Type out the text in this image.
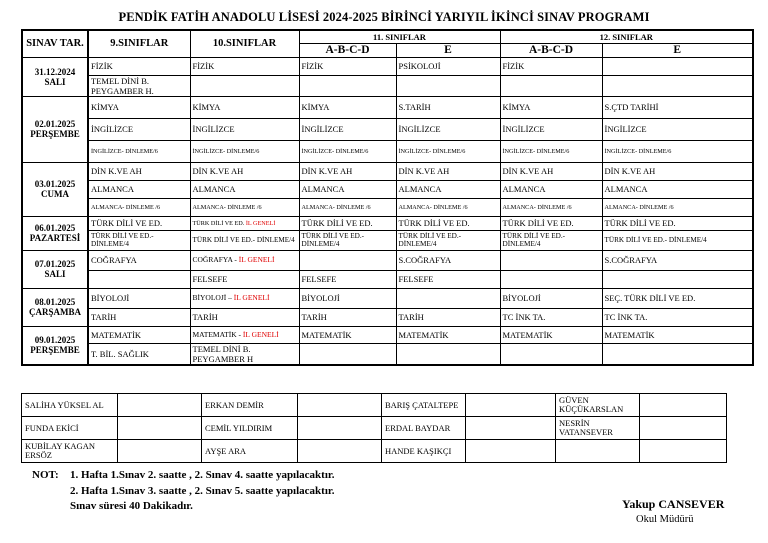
PENDİK FATİH ANADOLU LİSESİ 2024-2025 BİRİNCİ YARIYIL İKİNCİ SINAV PROGRAMI
SINAV TAR.	9.SINIFLAR	10.SINIFLAR	11. SINIFLAR		12. SINIFLAR	
			A-B-C-D	E	A-B-C-D	E

31.12.2024
SALI	FİZİK	FİZİK	FİZİK	PSİKOLOJİ	FİZİK	
	TEMEL DİNİ B. PEYGAMBER H.					

02.01.2025
PERŞEMBE	KİMYA	KİMYA	KİMYA	S.TARİH	KİMYA	S.ÇTD TARİHİ
	İNGİLİZCE	İNGİLİZCE	İNGİLİZCE	İNGİLİZCE	İNGİLİZCE	İNGİLİZCE
	İNGİLİZCE- DİNLEME/6	İNGİLİZCE- DİNLEME/6	İNGİLİZCE- DİNLEME/6	İNGİLİZCE- DİNLEME/6	İNGİLİZCE- DİNLEME/6	İNGİLİZCE- DİNLEME/6

03.01.2025
CUMA	DİN K.VE AH	DİN K.VE AH	DİN K.VE AH	DİN K.VE AH	DİN K.VE AH	DİN K.VE AH
	ALMANCA	ALMANCA	ALMANCA	ALMANCA	ALMANCA	ALMANCA
	ALMANCA- DİNLEME /6	ALMANCA- DİNLEME /6	ALMANCA- DİNLEME /6	ALMANCA- DİNLEME /6	ALMANCA- DİNLEME /6	ALMANCA- DİNLEME /6

06.01.2025
PAZARTESİ	TÜRK DİLİ VE ED.	TÜRK DİLİ VE ED. İL GENELİ	TÜRK DİLİ VE ED.	TÜRK DİLİ VE ED.	TÜRK DİLİ VE ED.	TÜRK DİLİ VE ED.
	TÜRK DİLİ VE ED.- DİNLEME/4	TÜRK DİLİ VE ED.- DİNLEME/4	TÜRK DİLİ VE ED.- DİNLEME/4	TÜRK DİLİ VE ED.- DİNLEME/4	TÜRK DİLİ VE ED.- DİNLEME/4	TÜRK DİLİ VE ED.- DİNLEME/4

07.01.2025
SALI	COĞRAFYA	COĞRAFYA - İL GENELİ		S.COĞRAFYA		S.COĞRAFYA
		FELSEFE	FELSEFE	FELSEFE		

08.01.2025
ÇARŞAMBA	BİYOLOJİ	BİYOLOJİ – İL GENELİ	BİYOLOJİ		BİYOLOJİ	SEÇ. TÜRK DİLİ VE ED.
	TARİH	TARİH	TARİH	TARİH	TC İNK TA.	TC İNK TA.

09.01.2025
PERŞEMBE	MATEMATİK	MATEMATİK - İL GENELİ	MATEMATİK	MATEMATİK	MATEMATİK	MATEMATİK
	T. BİL. SAĞLIK	TEMEL DİNİ B. PEYGAMBER H				
SALİHA YÜKSEL AL		ERKAN DEMİR		BARIŞ ÇATALTEPE		GÜVEN KÜÇÜKARSLAN	
FUNDA EKİCİ		CEMİL YILDIRIM		ERDAL BAYDAR		NESRİN VATANSEVER	
KUBİLAY KAGAN ERSÖZ		AYŞE ARA		HANDE KAŞIKÇI			
NOT: 1. Hafta 1.Sınav 2. saatte , 2. Sınav 4. saatte yapılacaktır.
2. Hafta 1.Sınav 3. saatte , 2. Sınav 5. saatte yapılacaktır.
Sınav süresi 40 Dakikadır.	Yakup CANSEVER
Okul Müdürü
